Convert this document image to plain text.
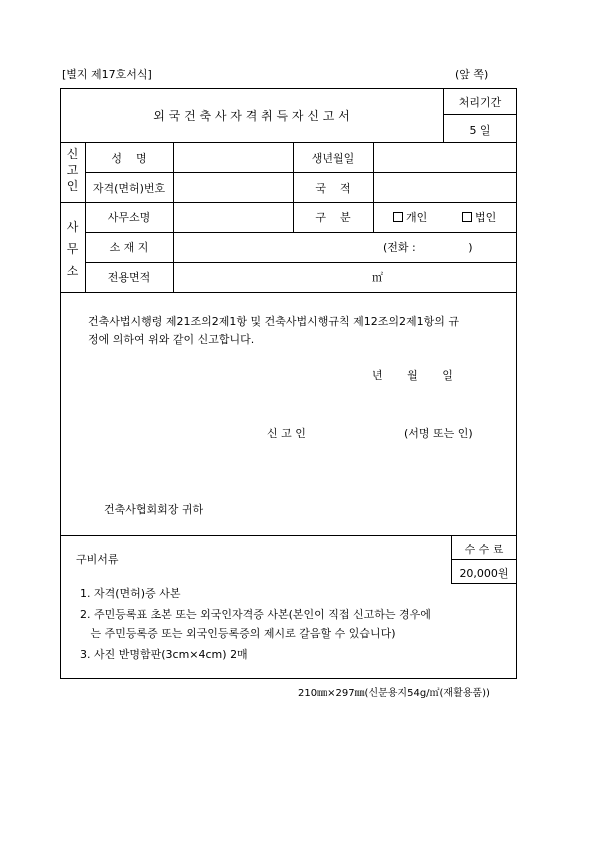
[별지 제17호서식]	(앞 쪽)
외 국 건 축 사 자 격 취 득 자 신 고 서
처리기간
5 일
신
고
인
성    명	생년월일
자격(면허)번호	국    적
사
무
소
사무소명	구    분	개인	법인
소 재 지	(전화 :               )
전용면적	㎡
건축사법시행령 제21조의2제1항 및 건축사법시행규칙 제12조의2제1항의 규
정에 의하여 위와 같이 신고합니다.
년       월       일
신 고 인	(서명 또는 인)
건축사협회회장 귀하
구비서류
수 수 료
20,000원
1. 자격(면허)증 사본
2. 주민등록표 초본 또는 외국인자격증 사본(본인이 직접 신고하는 경우에
는 주민등록증 또는 외국인등록증의 제시로 갈음할 수 있습니다)
3. 사진 반명함판(3cm×4cm) 2매
210㎜×297㎜(신문용지54g/㎡(재활용품))
